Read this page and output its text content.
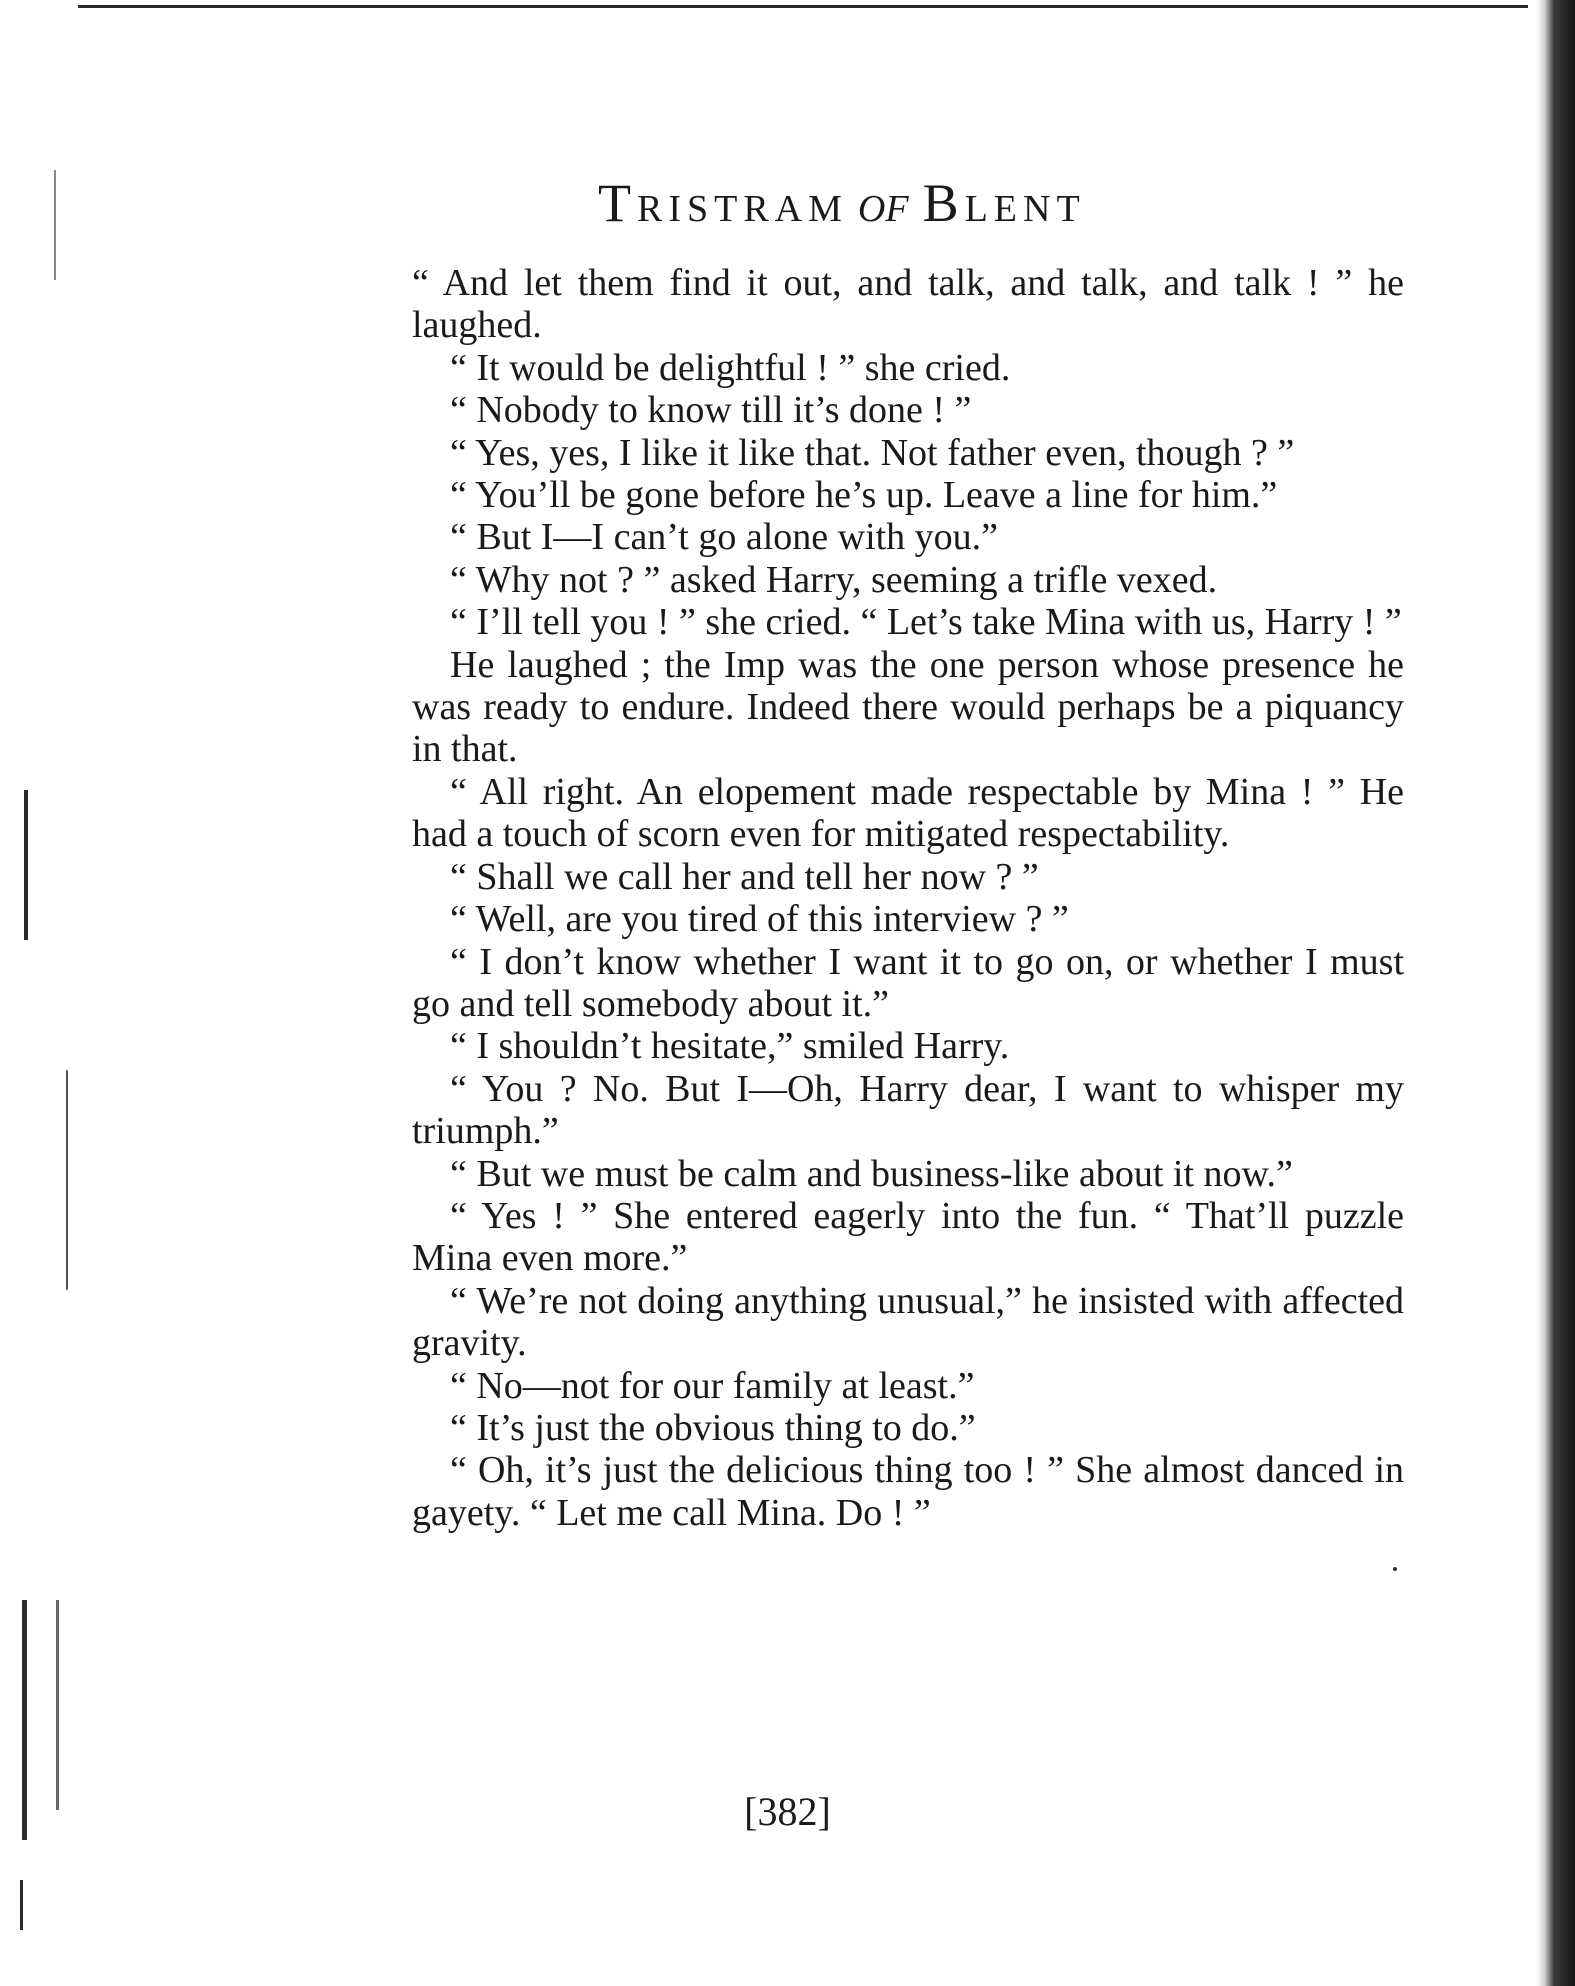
Tristram of Blent

“ And let them find it out, and talk, and talk, and talk ! ” he laughed.

“ It would be delightful ! ” she cried.

“ Nobody to know till it’s done ! ”

“ Yes, yes, I like it like that. Not father even, though ? ”

“ You’ll be gone before he’s up. Leave a line for him.”

“ But I—I can’t go alone with you.”

“ Why not ? ” asked Harry, seeming a trifle vexed.

“ I’ll tell you ! ” she cried. “ Let’s take Mina with us, Harry ! ”

He laughed ; the Imp was the one person whose presence he was ready to endure. Indeed there would perhaps be a piquancy in that.

“ All right. An elopement made respectable by Mina ! ” He had a touch of scorn even for mitigated respectability.

“ Shall we call her and tell her now ? ”

“ Well, are you tired of this interview ? ”

“ I don’t know whether I want it to go on, or whether I must go and tell somebody about it.”

“ I shouldn’t hesitate,” smiled Harry.

“ You ? No. But I—Oh, Harry dear, I want to whisper my triumph.”

“ But we must be calm and business-like about it now.”

“ Yes ! ” She entered eagerly into the fun. “ That’ll puzzle Mina even more.”

“ We’re not doing anything unusual,” he insisted with affected gravity.

“ No—not for our family at least.”

“ It’s just the obvious thing to do.”

“ Oh, it’s just the delicious thing too ! ” She almost danced in gayety. “ Let me call Mina. Do ! ”

[382]
